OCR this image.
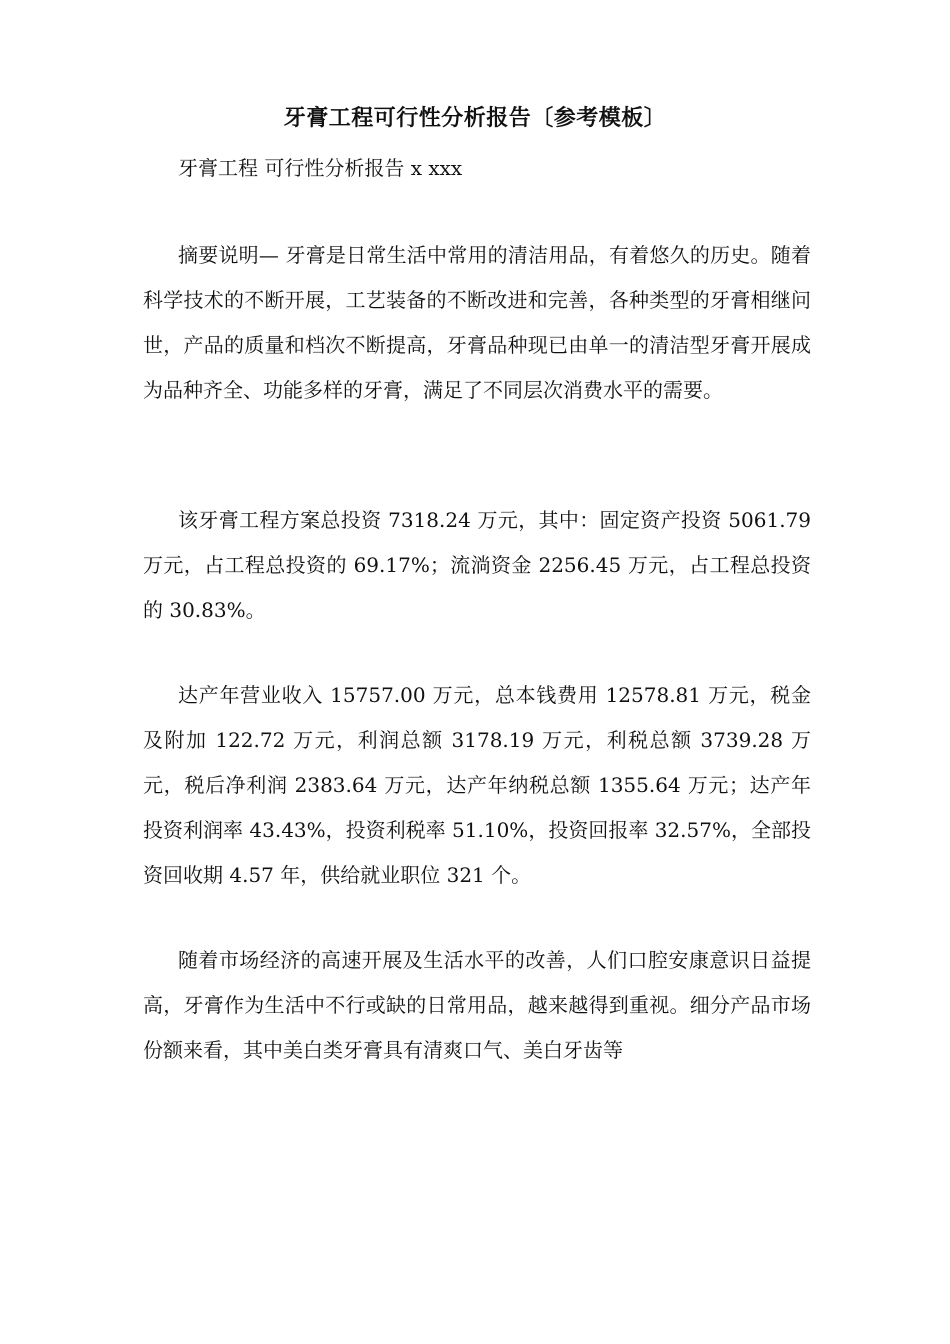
牙膏工程可行性分析报告〔参考模板〕
牙膏工程 可行性分析报告 x xxx

摘要说明— 牙膏是日常生活中常用的清洁用品，有着悠久的历史。随着科学技术的不断开展，工艺装备的不断改进和完善，各种类型的牙膏相继问世，产品的质量和档次不断提高，牙膏品种现已由单一的清洁型牙膏开展成为品种齐全、功能多样的牙膏，满足了不同层次消费水平的需要。

该牙膏工程方案总投资 7318.24 万元，其中：固定资产投资 5061.79 万元，占工程总投资的 69.17%；流淌资金 2256.45 万元，占工程总投资的 30.83%。

达产年营业收入 15757.00 万元，总本钱费用 12578.81 万元，税金及附加 122.72 万元，利润总额 3178.19 万元，利税总额 3739.28 万元，税后净利润 2383.64 万元，达产年纳税总额 1355.64 万元；达产年投资利润率 43.43%，投资利税率 51.10%，投资回报率 32.57%，全部投资回收期 4.57 年，供给就业职位 321 个。

随着市场经济的高速开展及生活水平的改善，人们口腔安康意识日益提高，牙膏作为生活中不行或缺的日常用品，越来越得到重视。细分产品市场份额来看，其中美白类牙膏具有清爽口气、美白牙齿等
